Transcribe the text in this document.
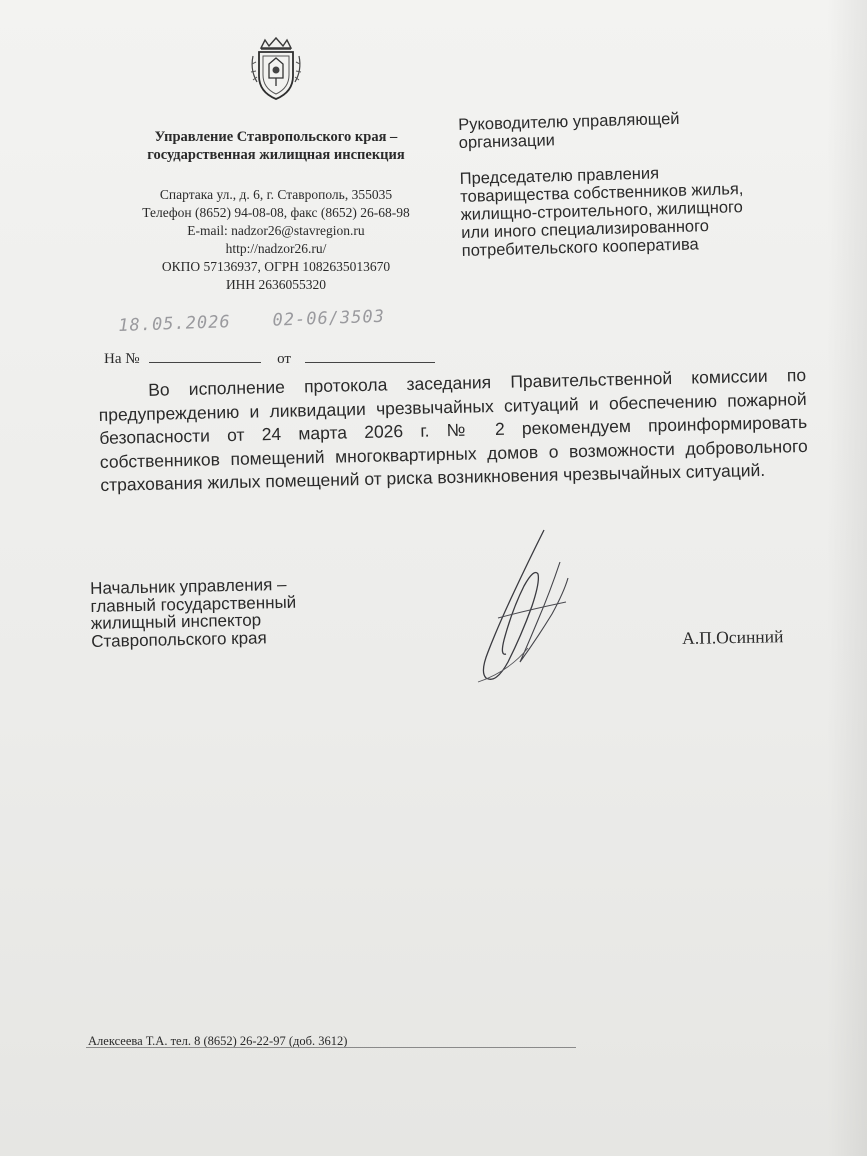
Управление Ставропольского края –
государственная жилищная инспекция
Спартака ул., д. 6, г. Ставрополь, 355035
Телефон (8652) 94-08-08, факс (8652) 26-68-98
E-mail: nadzor26@stavregion.ru
http://nadzor26.ru/
ОКПО 57136937, ОГРН 1082635013670
ИНН 2636055320
Руководителю управляющей
организации
Председателю правления
товарищества собственников жилья,
жилищно-строительного, жилищного
или иного специализированного
потребительского кооператива
18.05.2026 02-06/3503
На №	от
Во исполнение протокола заседания Правительственной комиссии по предупреждению и ликвидации чрезвычайных ситуаций и обеспечению пожарной безопасности от 24 марта 2026 г. № 2 рекомендуем проинформировать собственников помещений многоквартирных домов о возможности добровольного страхования жилых помещений от риска возникновения чрезвычайных ситуаций.
Начальник управления –
главный государственный
жилищный инспектор
Ставропольского края	А.П.Осинний
Алексеева Т.А. тел. 8 (8652) 26-22-97 (доб. 3612)
